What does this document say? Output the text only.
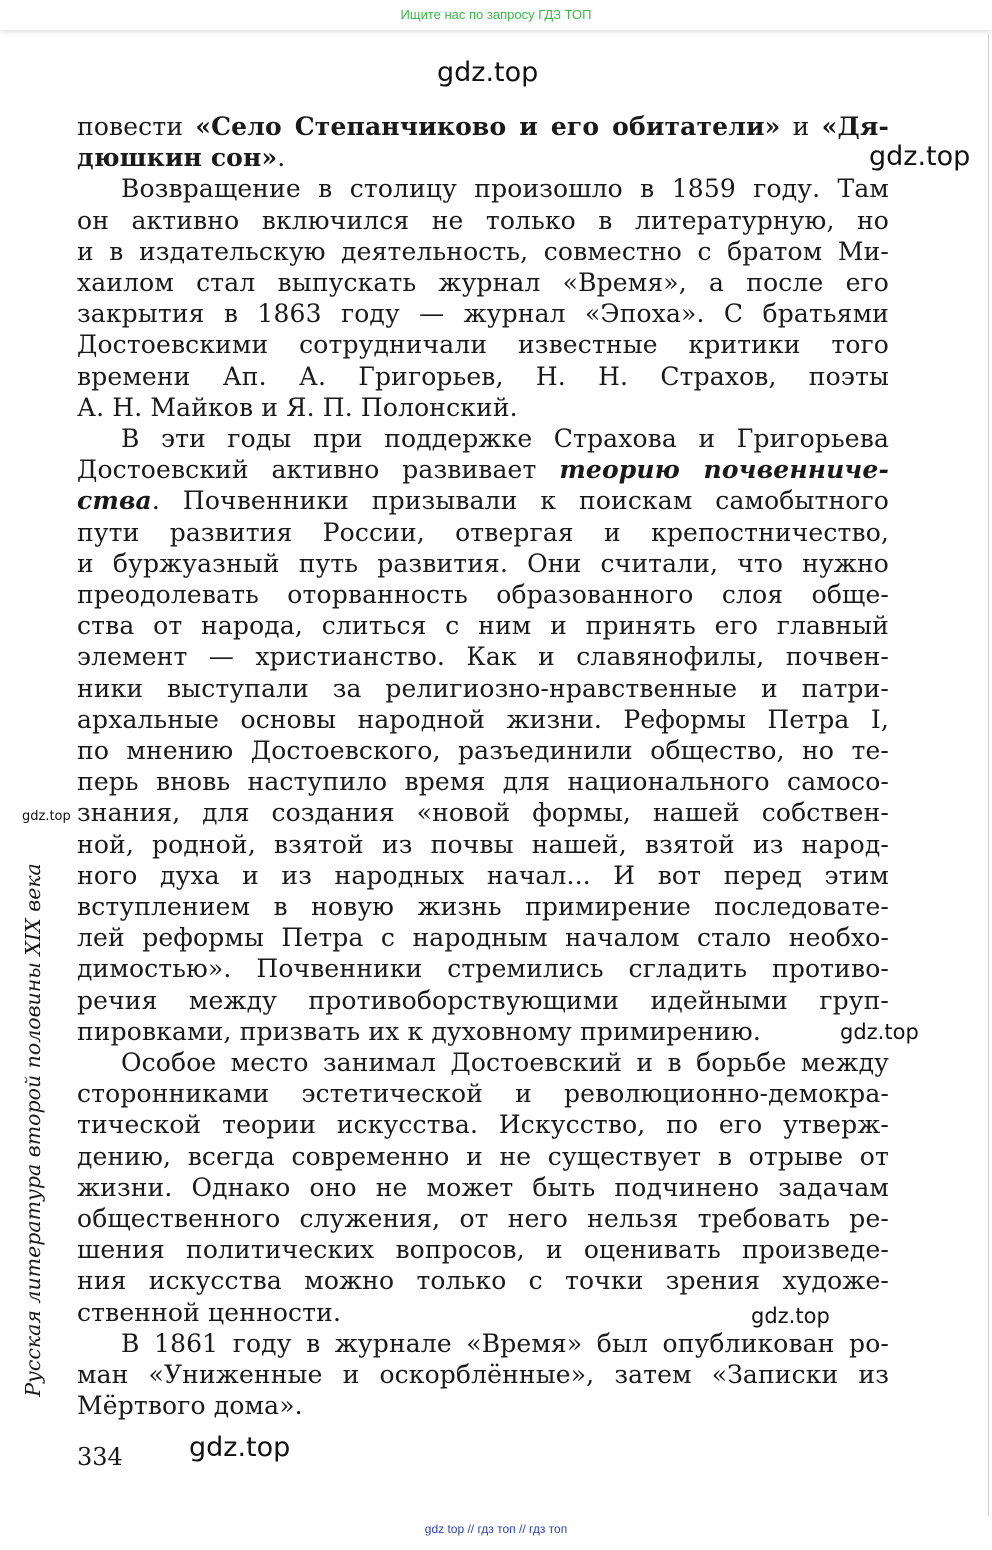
Ищите нас по запросу ГДЗ ТОП
gdz.top
gdz.top
gdz.top
gdz.top
gdz.top
gdz.top
Русская литература второй половины XIX века
повести «Село Степанчиково и его обитатели» и «Дя-
дюшкин сон».
Возвращение в столицу произошло в 1859 году. Там
он активно включился не только в литературную, но
и в издательскую деятельность, совместно с братом Ми-
хаилом стал выпускать журнал «Время», а после его
закрытия в 1863 году — журнал «Эпоха». С братьями
Достоевскими сотрудничали известные критики того
времени Ап. А. Григорьев, Н. Н. Страхов, поэты
А. Н. Майков и Я. П. Полонский.
В эти годы при поддержке Страхова и Григорьева
Достоевский активно развивает теорию почвенниче-
ства. Почвенники призывали к поискам самобытного
пути развития России, отвергая и крепостничество,
и буржуазный путь развития. Они считали, что нужно
преодолевать оторванность образованного слоя обще-
ства от народа, слиться с ним и принять его главный
элемент — христианство. Как и славянофилы, почвен-
ники выступали за религиозно-нравственные и патри-
архальные основы народной жизни. Реформы Петра I,
по мнению Достоевского, разъединили общество, но те-
перь вновь наступило время для национального самосо-
знания, для создания «новой формы, нашей собствен-
ной, родной, взятой из почвы нашей, взятой из народ-
ного духа и из народных начал... И вот перед этим
вступлением в новую жизнь примирение последовате-
лей реформы Петра с народным началом стало необхо-
димостью». Почвенники стремились сгладить противо-
речия между противоборствующими идейными груп-
пировками, призвать их к духовному примирению.
Особое место занимал Достоевский и в борьбе между
сторонниками эстетической и революционно-демокра-
тической теории искусства. Искусство, по его утверж-
дению, всегда современно и не существует в отрыве от
жизни. Однако оно не может быть подчинено задачам
общественного служения, от него нельзя требовать ре-
шения политических вопросов, и оценивать произведе-
ния искусства можно только с точки зрения художе-
ственной ценности.
В 1861 году в журнале «Время» был опубликован ро-
ман «Униженные и оскорблённые», затем «Записки из
Мёртвого дома».
334
gdz top // гдз топ // гдз топ
